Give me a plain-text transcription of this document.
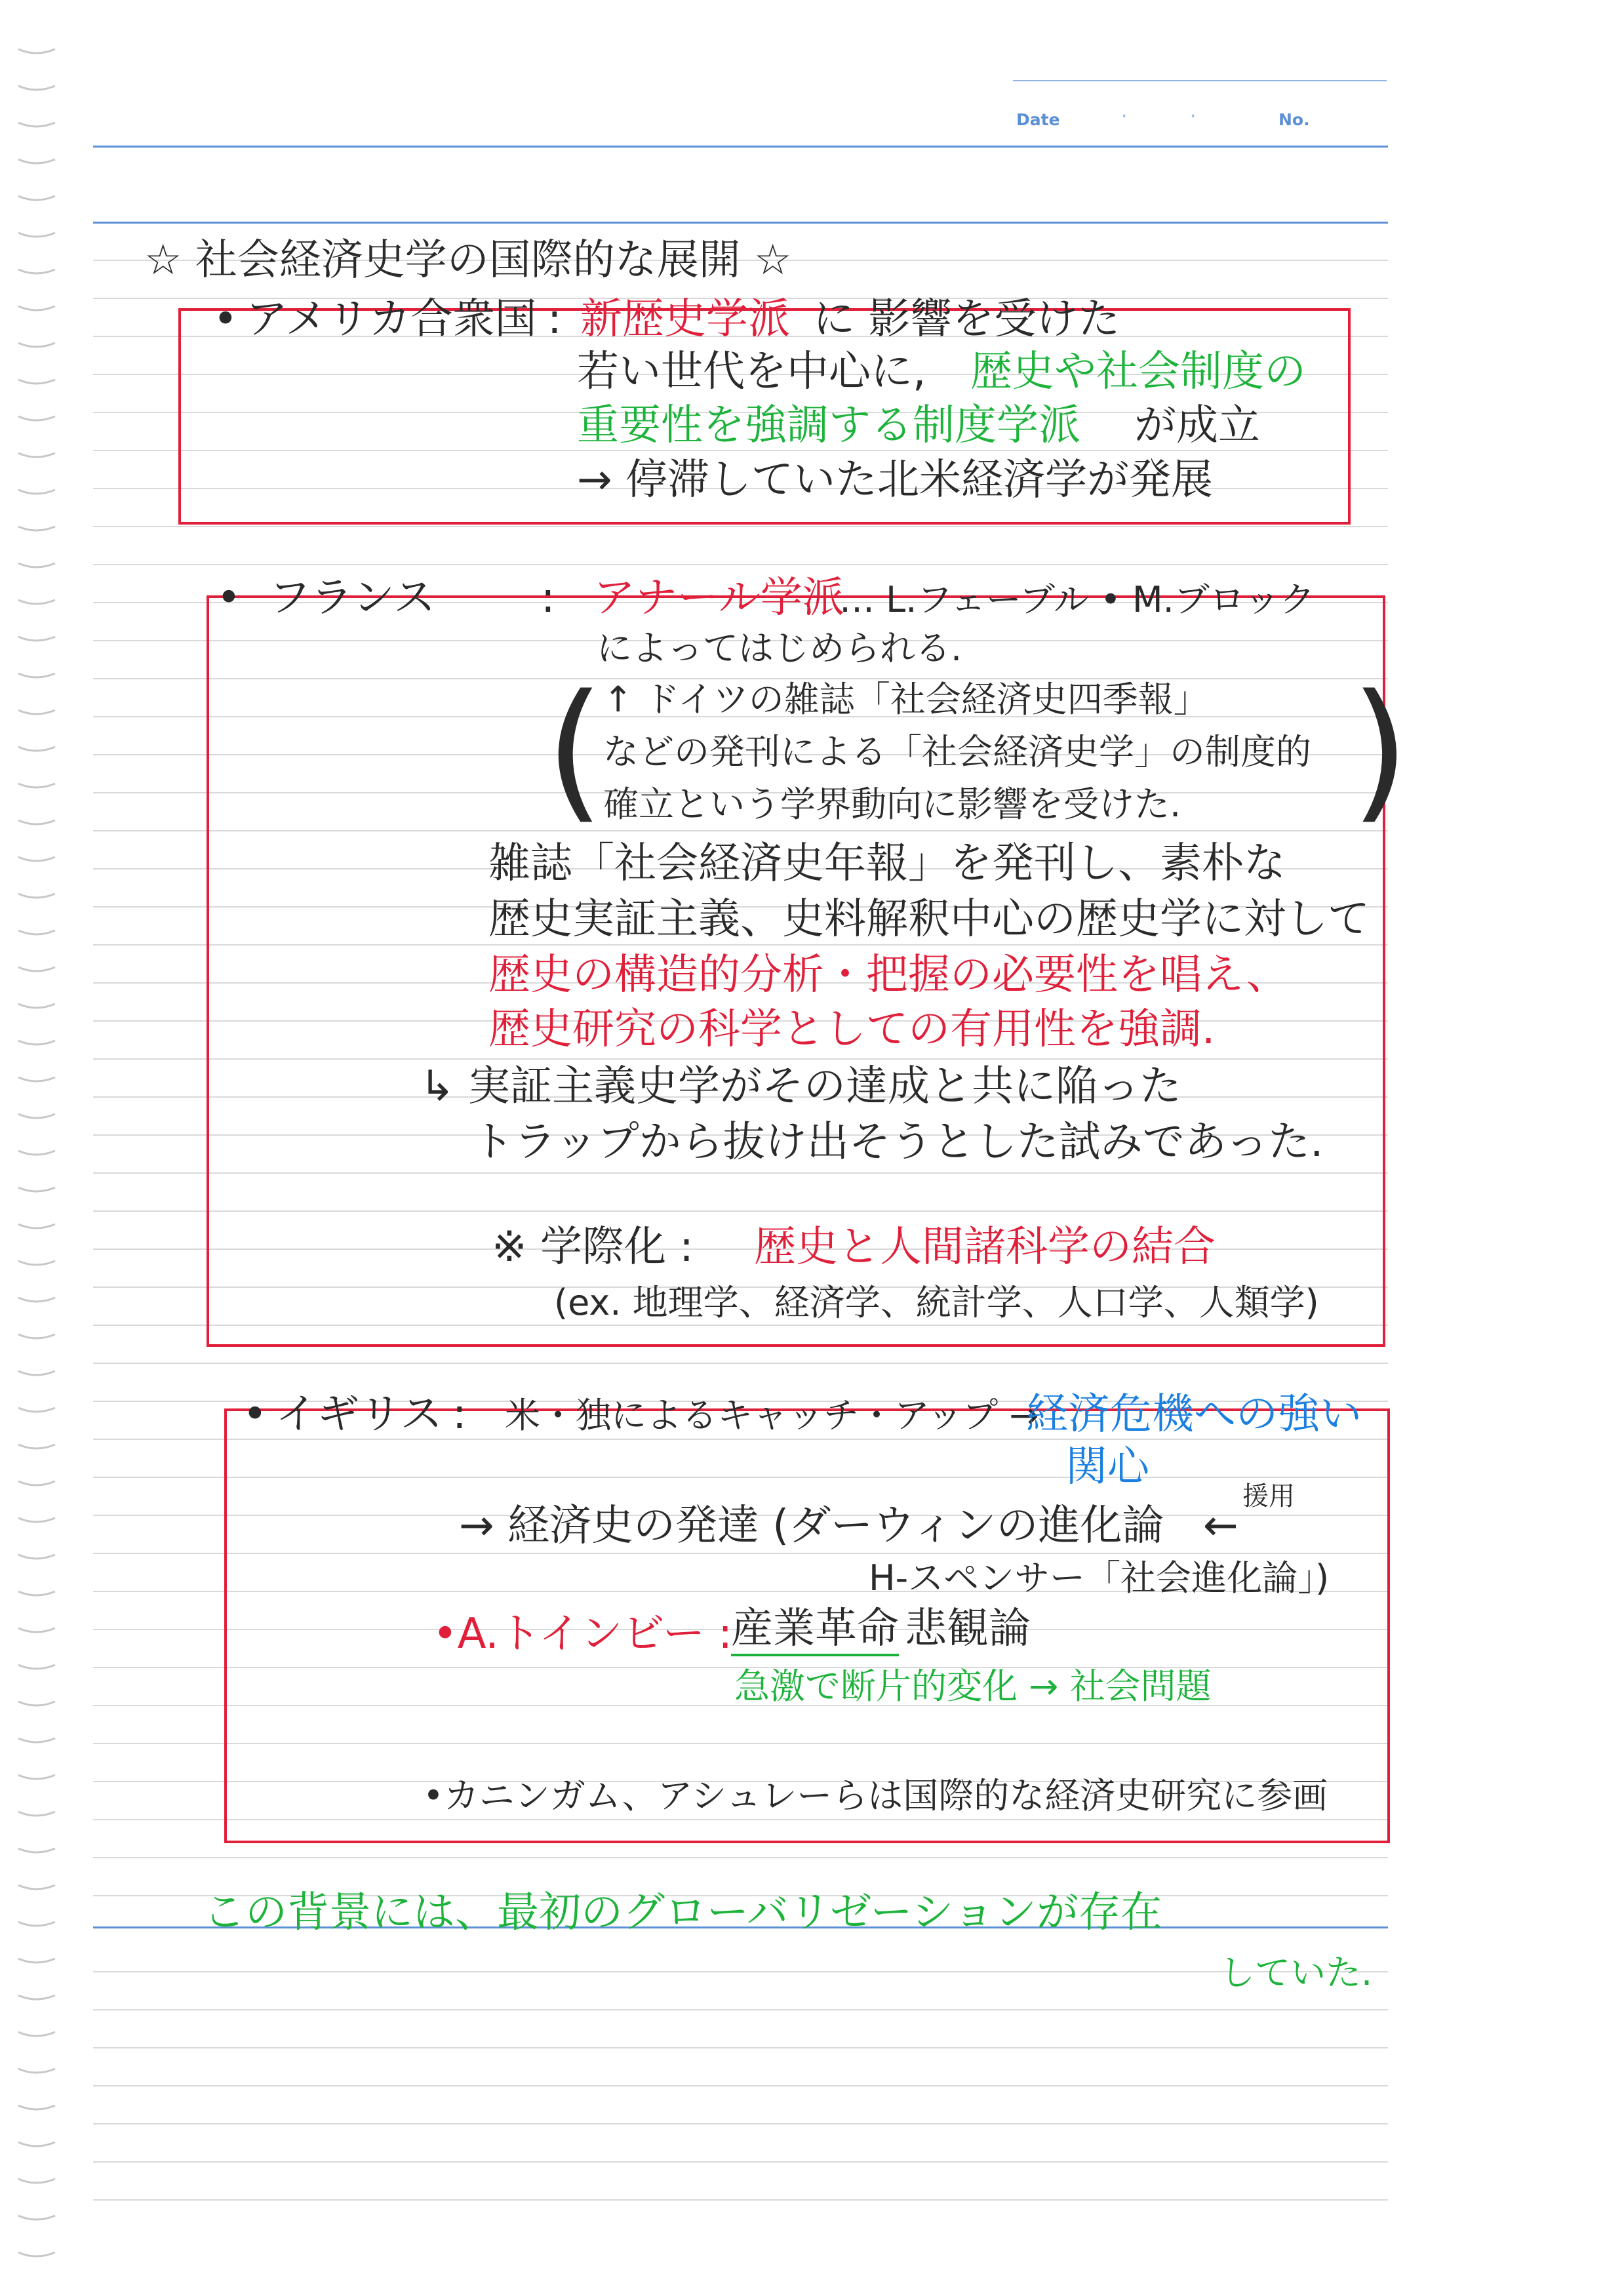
Date	·	·	No.
☆ 社会経済史学の国際的な展開 ☆
• アメリカ合衆国 : 新歴史学派 に 影響を受けた
若い世代を中心に, 歴史や社会制度の
重要性を強調する制度学派 が成立
→ 停滞していた北米経済学が発展
• フランス	: アナール学派
… L.フェーブル • M.ブロック
によってはじめられる.
(	)
↑ ドイツの雑誌「社会経済史四季報」
などの発刊による「社会経済史学」の制度的
確立という学界動向に影響を受けた.
雑誌「社会経済史年報」を発刊し、素朴な
歴史実証主義、史料解釈中心の歴史学に対して
歴史の構造的分析・把握の必要性を唱え、
歴史研究の科学としての有用性を強調.
↳ 実証主義史学がその達成と共に陥った
トラップから抜け出そうとした試みであった.
※ 学際化 : 歴史と人間諸科学の結合
(ex. 地理学、経済学、統計学、人口学、人類学)
• イギリス : 米・独によるキャッチ・アップ →
経済危機への強い
関心
→ 経済史の発達 (ダーウィンの進化論 ←
援用
H-スペンサー「社会進化論」)
•A.トインビー :
産業革命 悲観論
急激で断片的変化 → 社会問題
•カニンガム、アシュレーらは国際的な経済史研究に参画
この背景には、最初のグローバリゼーションが存在
していた.
